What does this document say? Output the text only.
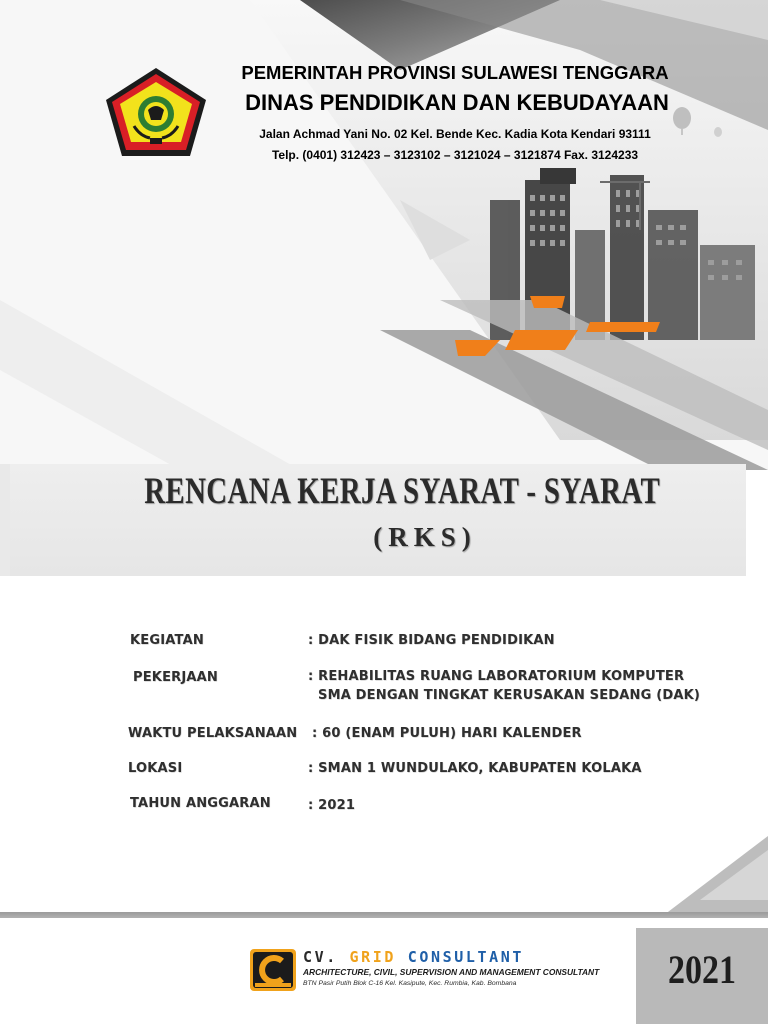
PEMERINTAH PROVINSI SULAWESI TENGGARA
DINAS PENDIDIKAN DAN KEBUDAYAAN
Jalan Achmad Yani No. 02 Kel. Bende Kec. Kadia Kota Kendari 93111
Telp. (0401) 312423 – 3123102 – 3121024 – 3121874 Fax. 3124233
RENCANA KERJA SYARAT - SYARAT
(RKS)
KEGIATAN	: DAK FISIK BIDANG PENDIDIKAN
PEKERJAAN	: REHABILITAS RUANG LABORATORIUM KOMPUTER
SMA DENGAN TINGKAT KERUSAKAN SEDANG (DAK)
WAKTU PELAKSANAAN : 60 (ENAM PULUH) HARI KALENDER
LOKASI	: SMAN 1 WUNDULAKO, KABUPATEN KOLAKA
TAHUN ANGGARAN	: 2021
2021
CV. GRID CONSULTANT
ARCHITECTURE, CIVIL, SUPERVISION AND MANAGEMENT CONSULTANT
BTN Pasir Putih Blok C-16 Kel. Kasipute, Kec. Rumbia, Kab. Bombana
